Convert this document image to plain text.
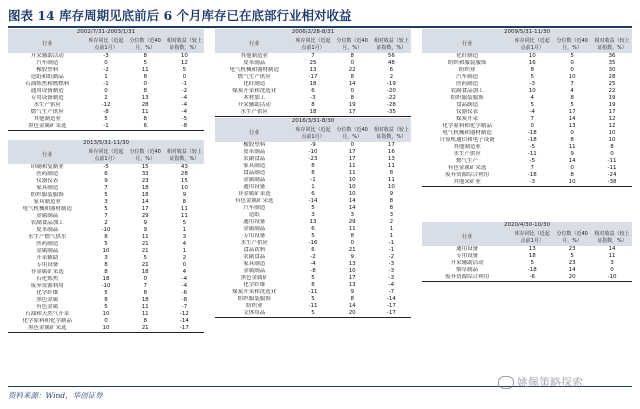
图表 14 库存周期见底前后 6 个月库存已在底部行业相对收益
2002/7/31-2003/1/31
行业	库存同比（近起点前1月）	分位数（近40月，%）	相对收益（较上证指数，%）
开采辅助活动	-3	8	10
汽车制造	0	5	12
橡胶塑料	-2	11	5
造纸和纸制品	1	8	0
石油炼焦和核燃料	-1	0	-1
通用设备制造	0	8	-2
专用设备制造	2	13	-4
水生产供应	-12	28	-4
燃气生产供应	-8	11	-4
其他制造业	5	8	-5
黑色金属矿采选	-1	6	-8
2013/5/31-11/30
行业	库存同比（近起点前1月）	分位数（近40月，%）	相对收益（较上证指数，%）
印刷和复制业	-5	15	43
医药制造	6	33	28
仪器仪表	9	23	15
家具制造	7	18	10
纺织服装服饰	5	18	9
家具制造业	3	14	8
电气机械和器材制造	5	17	11
金属制品	7	29	11
农副食品加工	2	9	5
皮革制品	-10	9	1
水生产燃气供水	8	11	3
医药制造	5	21	4
金属制品	10	21	1
开采辅助	3	5	2
专用设备	8	21	0
非金属矿采选	8	18	4
石化炼焦	18	0	-4
废弃资源利用	-10	7	-4
化学纤维	5	8	-6
黑色金属	8	18	-8
有色金属	5	11	-7
石油和天然气开采	10	11	-12
化学原料和化学制品	0	8	-14
黑色金属矿采选	10	21	-17
2006/2/28-8/31
行业	库存同比（近起点前1月）	分位数（近40月，%）	相对收益（较上证指数，%）
其他制造业	7	8	56
皮革制品	25	0	48
电气机械和器材制造	13	22	6
燃气生产供应	-17	8	2
化纤制造	18	14	-19
煤炭开采和洗选业	6	0	-20
木材加工	-3	8	-22
开采辅助活动	8	19	-28
水生产供应	18	17	-35
2016/3/31-8/30
行业	库存同比（近起点前1月）	分位数（近40月，%）	相对收益（较上证指数，%）
橡胶塑料	-9	0	17
皮革制品	-10	17	16
农副食品	-23	17	13
家具制造	8	11	11
食品制造	8	11	8
金属制品	-1	10	11
通用设备	1	10	10
非金属矿采选	6	10	9
有色金属矿采选	-14	14	8
汽车制造	5	14	8
造纸	3	3	3
通用设备	13	29	2
金属制品	6	11	1
专用设备	5	8	1
水生产供应	-16	0	-1
食品饮料	6	21	-1
农副食品	-2	9	-2
家具制造	-4	13	-3
金属制品	-8	10	-3
黑色金属矿	5	17	-3
化学纤维	8	13	-4
煤炭开采和洗选业	-11	9	-7
纺织服装服饰	5	8	-14
纺织业	-11	14	-17
文体用品	5	20	-17
2009/5/31-11/30
行业	库存同比（近起点前1月）	分位数（近40月，%）	相对收益（较上证指数，%）
化纤制造	10	5	36
纺织和服装服饰	16	0	35
纺织业	8	0	30
汽车制造	5	10	28
医药制造	-3	7	25
农副食品加工	10	4	22
纺织服装服饰	4	8	19
食品制造	5	5	19
仪器仪表	-4	17	17
煤炭开采	7	14	12
化学原料和化学制品	0	13	12
电气机械和器材制造	-18	0	10
计算机通信和电子设备	-18	8	10
其他制造业	-5	11	8
水生产供应	-11	9	0
燃气生产	-5	14	-11
有色金属矿采选	7	0	-11
废弃资源综合利用	-18	8	-24
其他采矿业	-3	10	-38
2020/4/30-10/30
行业	库存同比（近起点前1月）	分位数（近40月，%）	相对收益（较上证指数，%）
通用设备	13	23	14
专用设备	18	5	11
开采辅助活动	5	23	3
烟草制品	-18	14	0
废弃资源综合利用	-6	20	-10
资料来源：Wind，华创证券
姚佩策略探索
